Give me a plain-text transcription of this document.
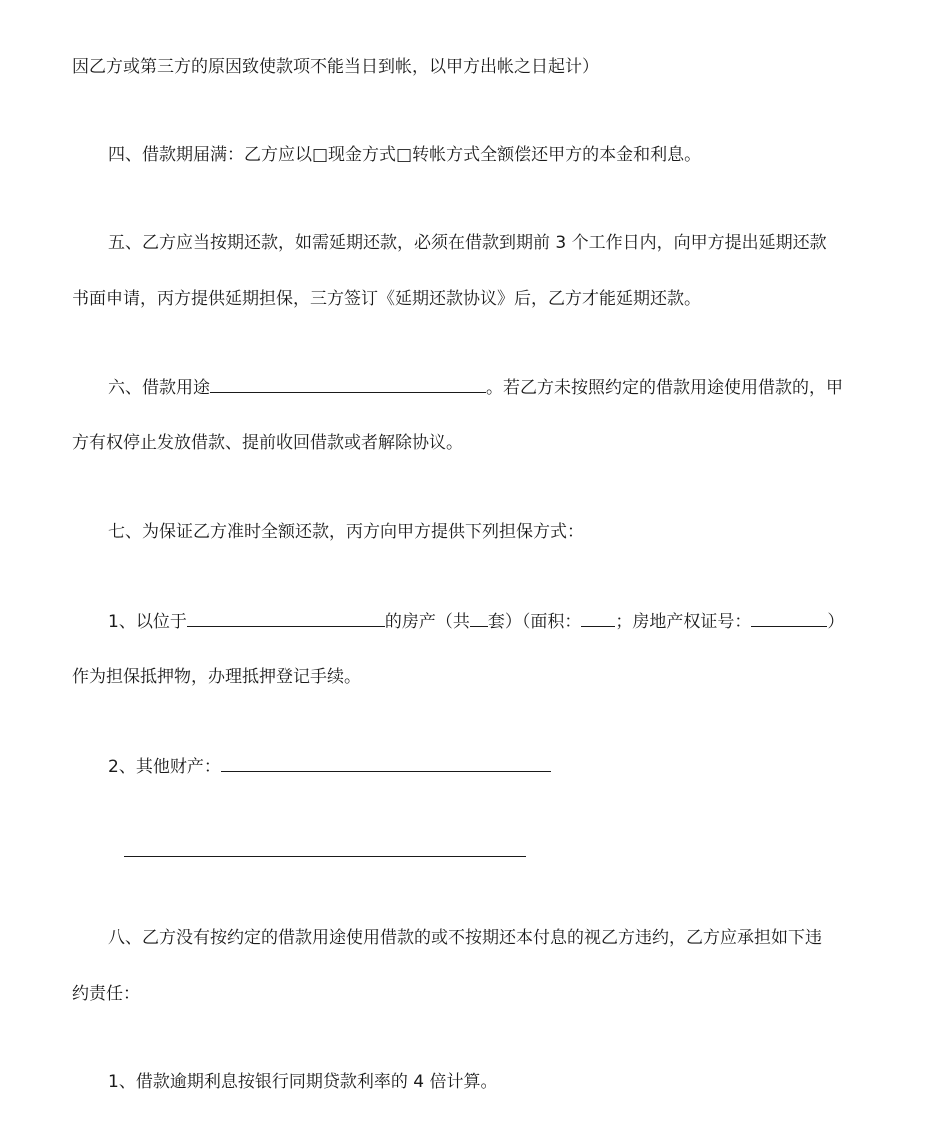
因乙方或第三方的原因致使款项不能当日到帐，以甲方出帐之日起计）
四、借款期届满：乙方应以□现金方式□转帐方式全额偿还甲方的本金和利息。
五、乙方应当按期还款，如需延期还款，必须在借款到期前 3 个工作日内，向甲方提出延期还款
书面申请，丙方提供延期担保，三方签订《延期还款协议》后，乙方才能延期还款。
六、借款用途	。若乙方未按照约定的借款用途使用借款的，甲
方有权停止发放借款、提前收回借款或者解除协议。
七、为保证乙方准时全额还款，丙方向甲方提供下列担保方式：
1、以位于	的房产（共 套）（面积： ；房地产权证号：	）
作为担保抵押物，办理抵押登记手续。
2、其他财产：
八、乙方没有按约定的借款用途使用借款的或不按期还本付息的视乙方违约，乙方应承担如下违
约责任：
1、借款逾期利息按银行同期贷款利率的 4 倍计算。
